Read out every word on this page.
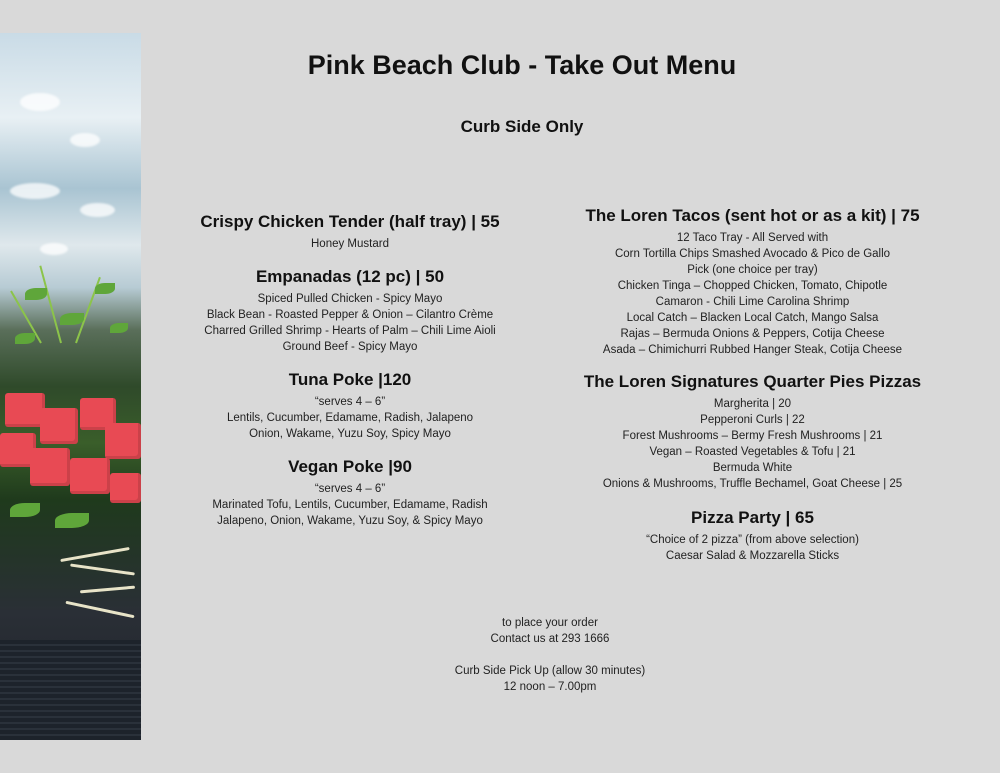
Pink Beach Club - Take Out Menu
Curb Side Only
Crispy Chicken Tender (half tray) | 55
Honey Mustard
Empanadas (12 pc) | 50
Spiced Pulled Chicken - Spicy Mayo
Black Bean - Roasted Pepper & Onion – Cilantro Crème
Charred Grilled Shrimp - Hearts of Palm – Chili Lime Aioli
Ground Beef - Spicy Mayo
Tuna Poke |120
“serves 4 – 6”
Lentils, Cucumber, Edamame, Radish, Jalapeno
Onion, Wakame, Yuzu Soy, Spicy Mayo
Vegan Poke |90
“serves 4 – 6”
Marinated Tofu, Lentils, Cucumber, Edamame, Radish
Jalapeno, Onion, Wakame, Yuzu Soy, & Spicy Mayo
The Loren Tacos (sent hot or as a kit) | 75
12 Taco Tray - All Served with
Corn Tortilla Chips Smashed Avocado & Pico de Gallo
Pick (one choice per tray)
Chicken Tinga – Chopped Chicken, Tomato, Chipotle
Camaron - Chili Lime Carolina Shrimp
Local Catch – Blacken Local Catch, Mango Salsa
Rajas – Bermuda Onions & Peppers, Cotija Cheese
Asada – Chimichurri Rubbed Hanger Steak, Cotija Cheese
The Loren Signatures Quarter Pies Pizzas
Margherita | 20
Pepperoni Curls | 22
Forest Mushrooms – Bermy Fresh Mushrooms | 21
Vegan – Roasted Vegetables & Tofu | 21
Bermuda White
Onions & Mushrooms, Truffle Bechamel, Goat Cheese | 25
Pizza Party | 65
“Choice of 2 pizza” (from above selection)
Caesar Salad & Mozzarella Sticks
to place your order
Contact us at 293 1666
Curb Side Pick Up (allow 30 minutes)
12 noon – 7.00pm
